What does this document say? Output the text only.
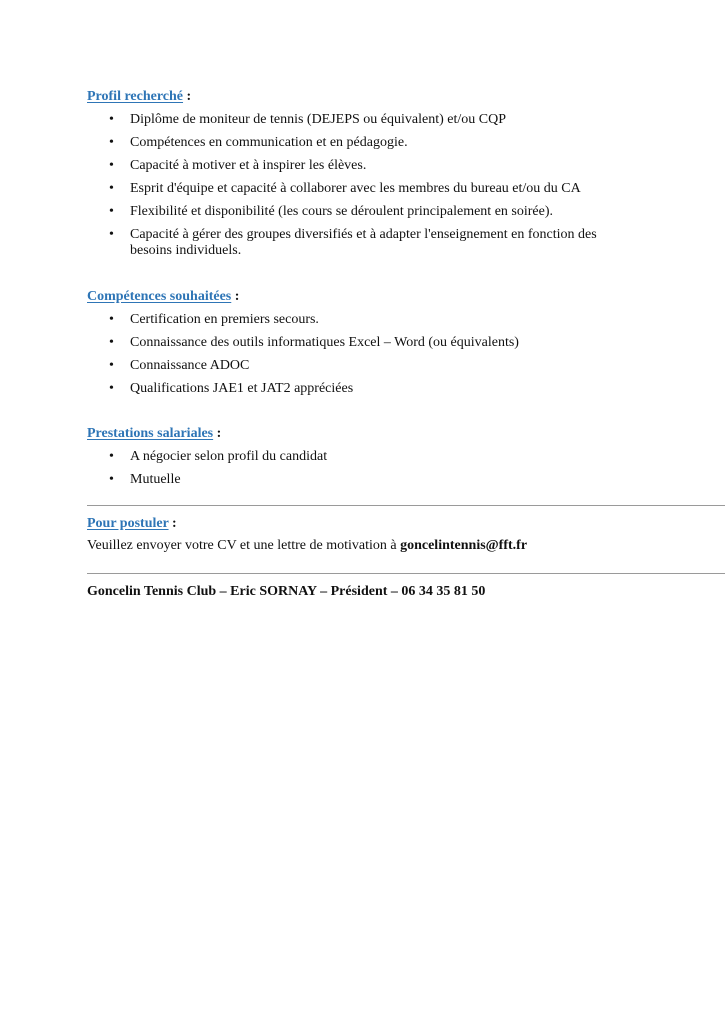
Profil recherché :
• Diplôme de moniteur de tennis (DEJEPS ou équivalent) et/ou CQP
• Compétences en communication et en pédagogie.
• Capacité à motiver et à inspirer les élèves.
• Esprit d'équipe et capacité à collaborer avec les membres du bureau et/ou du CA
• Flexibilité et disponibilité (les cours se déroulent principalement en soirée).
• Capacité à gérer des groupes diversifiés et à adapter l'enseignement en fonction des besoins individuels.
Compétences souhaitées :
• Certification en premiers secours.
• Connaissance des outils informatiques Excel – Word (ou équivalents)
• Connaissance ADOC
• Qualifications JAE1 et JAT2 appréciées
Prestations salariales :
• A négocier selon profil du candidat
• Mutuelle
Pour postuler :
Veuillez envoyer votre CV et une lettre de motivation à goncelintennis@fft.fr
Goncelin Tennis Club – Eric SORNAY – Président – 06 34 35 81 50
